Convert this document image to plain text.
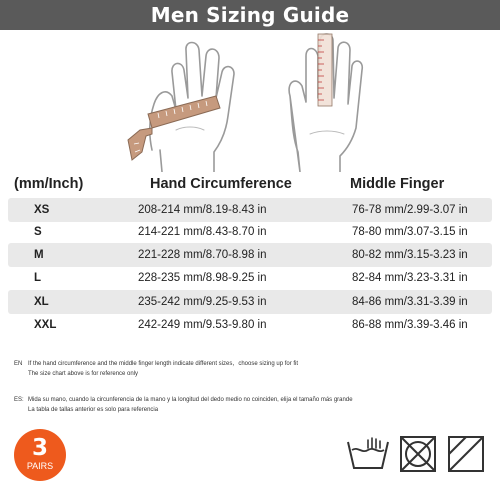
Men Sizing Guide
(mm/Inch)	Hand Circumference	Middle Finger
XS	208-214 mm/8.19-8.43 in	76-78 mm/2.99-3.07 in
S	214-221 mm/8.43-8.70 in	78-80 mm/3.07-3.15 in
M	221-228 mm/8.70-8.98 in	80-82 mm/3.15-3.23 in
L	228-235 mm/8.98-9.25 in	82-84 mm/3.23-3.31 in
XL	235-242 mm/9.25-9.53 in	84-86 mm/3.31-3.39 in
XXL	242-249 mm/9.53-9.80 in	86-88 mm/3.39-3.46 in
EN If the hand circumference and the middle finger length indicate different sizes，choose sizing up for fit
The size chart above is for reference only
ES: Mida su mano, cuando la circunferencia de la mano y la longitud del dedo medio no coinciden, elija el tamaño más grande
La tabla de tallas anterior es solo para referencia
3
PAIRS
